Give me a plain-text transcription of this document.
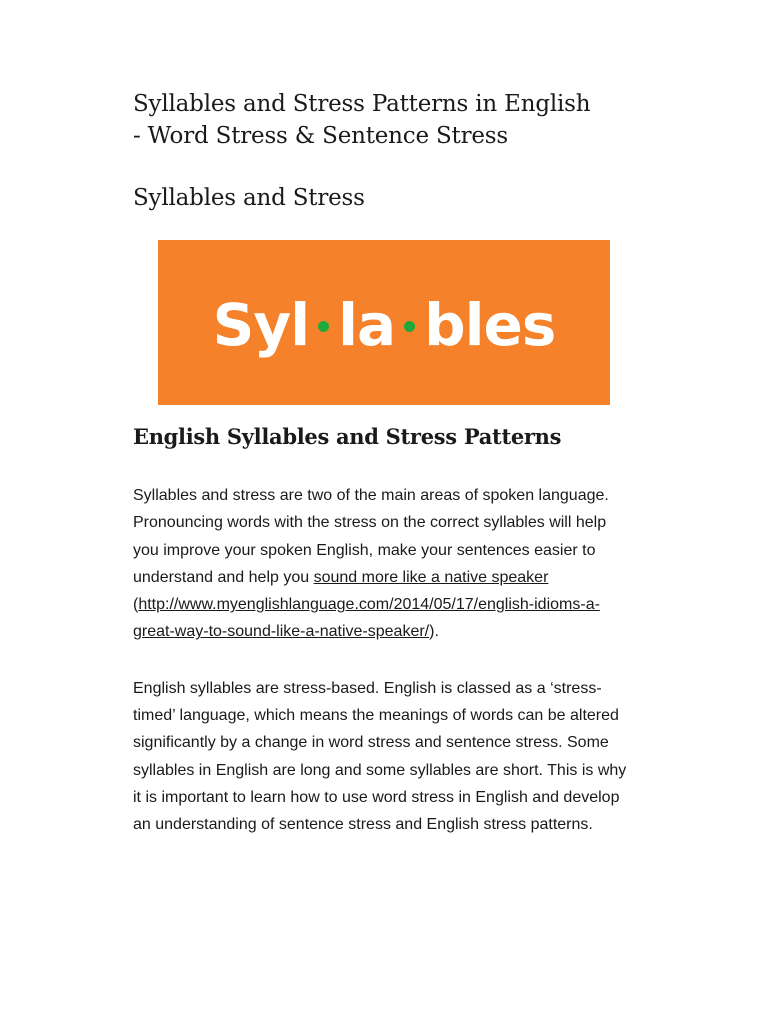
Syllables and Stress Patterns in English
- Word Stress & Sentence Stress
Syllables and Stress
Syl la bles
English Syllables and Stress Patterns

Syllables and stress are two of the main areas of spoken language. Pronouncing words with the stress on the correct syllables will help you improve your spoken English, make your sentences easier to understand and help you sound more like a native speaker
(http://www.myenglishlanguage.com/2014/05/17/english-idioms-a-great-way-to-sound-like-a-native-speaker/).

English syllables are stress-based. English is classed as a ‘stress-timed’ language, which means the meanings of words can be altered significantly by a change in word stress and sentence stress. Some syllables in English are long and some syllables are short. This is why it is important to learn how to use word stress in English and develop an understanding of sentence stress and English stress patterns.
